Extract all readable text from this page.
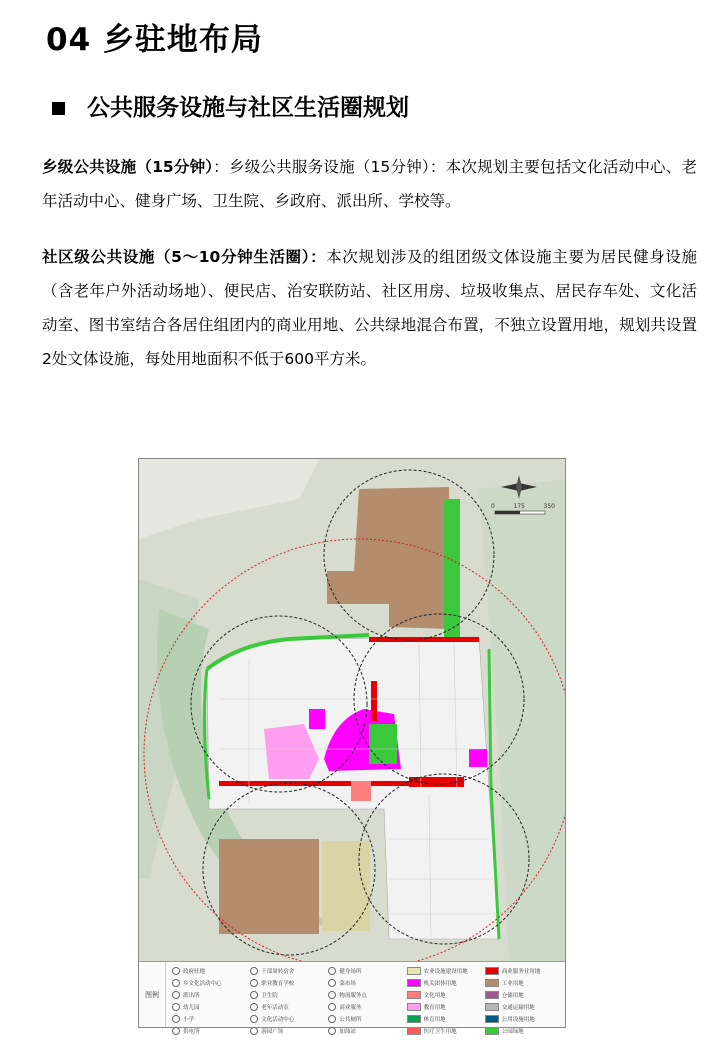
04 乡驻地布局
公共服务设施与社区生活圈规划
乡级公共设施（15分钟）：乡级公共服务设施（15分钟）：本次规划主要包括文化活动中心、老年活动中心、健身广场、卫生院、乡政府、派出所、学校等。
社区级公共设施（5～10分钟生活圈）：本次规划涉及的组团级文体设施主要为居民健身设施（含老年户外活动场地）、便民店、治安联防站、社区用房、垃圾收集点、居民存车处、文化活动室、图书室结合各居住组团内的商业用地、公共绿地混合布置，不独立设置用地，规划共设置2处文体设施，每处用地面积不低于600平方米。
0	175	350
图例
政府驻地	干部周转宿舍	健身场所	农业设施建设用地	商业服务业用地
乡文化活动中心	职业教育学校	菜市场	机关团体用地	工业用地
派出所	卫生院	物流服务点	文化用地	仓储用地
幼儿园	老年活动室	商业服务	教育用地	交通运输用地
小学	文化活动中心	公共厕所	体育用地	公用设施用地
供电所	游园广场	加油站	医疗卫生用地	公园绿地
